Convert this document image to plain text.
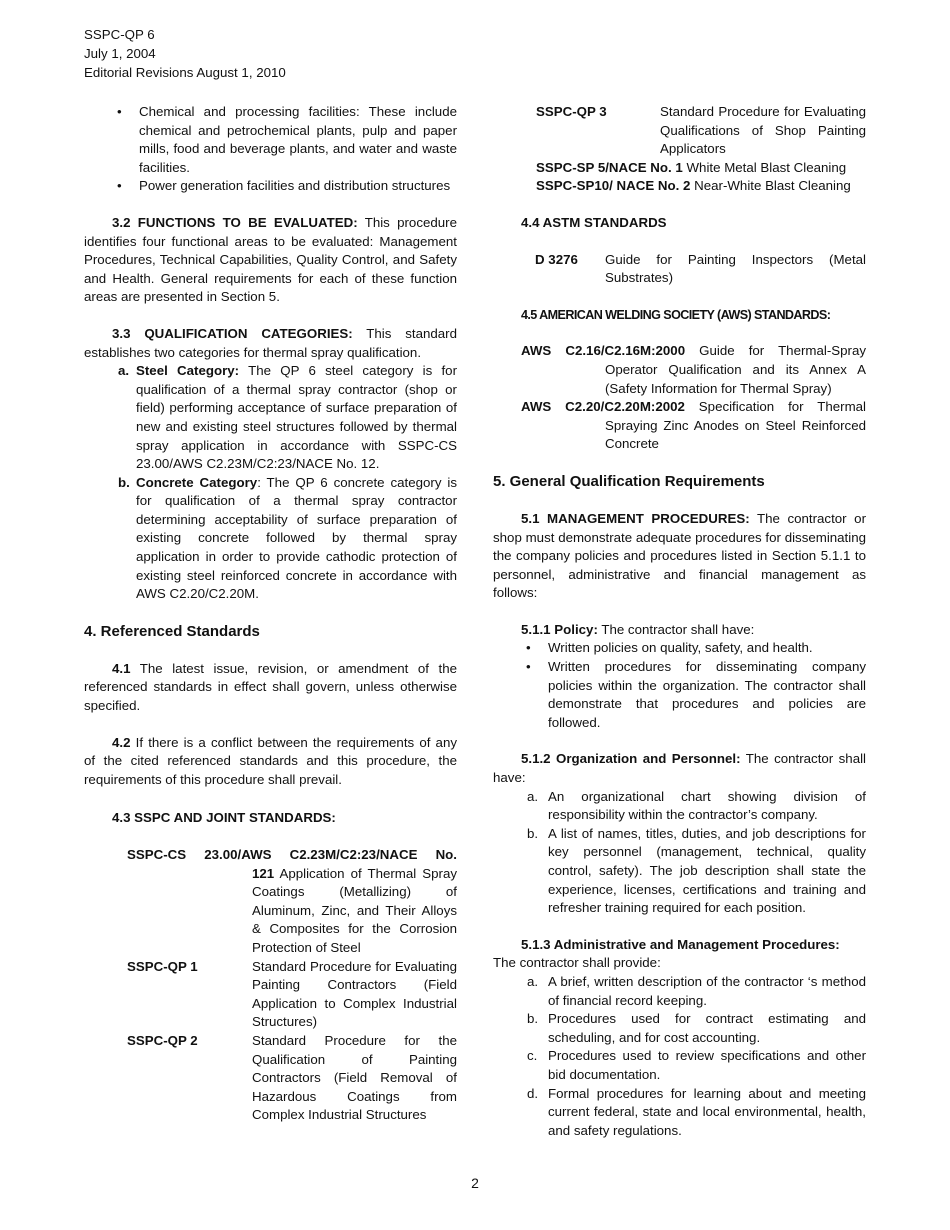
SSPC-QP 6
July 1, 2004
Editorial Revisions August 1, 2010
• Chemical and processing facilities: These include chemical and petrochemical plants, pulp and paper mills, food and beverage plants, and water and waste facilities.
• Power generation facilities and distribution structures

3.2 FUNCTIONS TO BE EVALUATED: This procedure identifies four functional areas to be evaluated: Management Procedures, Technical Capabilities, Quality Control, and Safety and Health. General requirements for each of these function areas are presented in Section 5.

3.3 QUALIFICATION CATEGORIES: This standard establishes two categories for thermal spray qualification.

a. Steel Category: The QP 6 steel category is for qualification of a thermal spray contractor (shop or field) performing acceptance of surface preparation of new and existing steel structures followed by thermal spray application in accordance with SSPC-CS 23.00/AWS C2.23M/C2:23/NACE No. 12.
b. Concrete Category: The QP 6 concrete category is for qualification of a thermal spray contractor determining acceptability of surface preparation of existing concrete followed by thermal spray application in order to provide cathodic protection of existing steel reinforced concrete in accordance with AWS C2.20/C2.20M.
4. Referenced Standards

4.1 The latest issue, revision, or amendment of the referenced standards in effect shall govern, unless otherwise specified.

4.2 If there is a conflict between the requirements of any of the cited referenced standards and this procedure, the requirements of this procedure shall prevail.

4.3 SSPC AND JOINT STANDARDS:

SSPC-CS 23.00/AWS C2.23M/C2:23/NACE No.
121 Application of Thermal Spray Coatings (Metallizing) of Aluminum, Zinc, and Their Alloys & Composites for the Corrosion Protection of Steel
SSPC-QP 1	Standard Procedure for Evaluating Painting Contractors (Field Application to Complex Industrial Structures)
SSPC-QP 2	Standard Procedure for the Qualification of Painting Contractors (Field Removal of Hazardous Coatings from Complex Industrial Structures
SSPC-QP 3	Standard Procedure for Evaluating Qualifications of Shop Painting Applicators
SSPC-SP 5/NACE No. 1 White Metal Blast Cleaning
SSPC-SP10/ NACE No. 2 Near-White Blast Cleaning

4.4 ASTM STANDARDS

D 3276	Guide for Painting Inspectors (Metal Substrates)

4.5 AMERICAN WELDING SOCIETY (AWS) STANDARDS:

AWS C2.16/C2.16M:2000 Guide for Thermal-Spray Operator Qualification and its Annex A (Safety Information for Thermal Spray)
AWS C2.20/C2.20M:2002 Specification for Thermal Spraying Zinc Anodes on Steel Reinforced Concrete
5. General Qualification Requirements

5.1 MANAGEMENT PROCEDURES: The contractor or shop must demonstrate adequate procedures for disseminating the company policies and procedures listed in Section 5.1.1 to personnel, administrative and financial management as follows:

5.1.1 Policy: The contractor shall have:

• Written policies on quality, safety, and health.
• Written procedures for disseminating company policies within the organization. The contractor shall demonstrate that procedures and policies are followed.

5.1.2 Organization and Personnel: The contractor shall have:

a. An organizational chart showing division of responsibility within the contractor’s company.
b. A list of names, titles, duties, and job descriptions for key personnel (management, technical, quality control, safety). The job description shall state the experience, licenses, certifications and training and refresher training required for each position.

5.1.3 Administrative and Management Procedures:

The contractor shall provide:

a. A brief, written description of the contractor ‘s method of financial record keeping.
b. Procedures used for contract estimating and scheduling, and for cost accounting.
c. Procedures used to review specifications and other bid documentation.
d. Formal procedures for learning about and meeting current federal, state and local environmental, health, and safety regulations.
2
